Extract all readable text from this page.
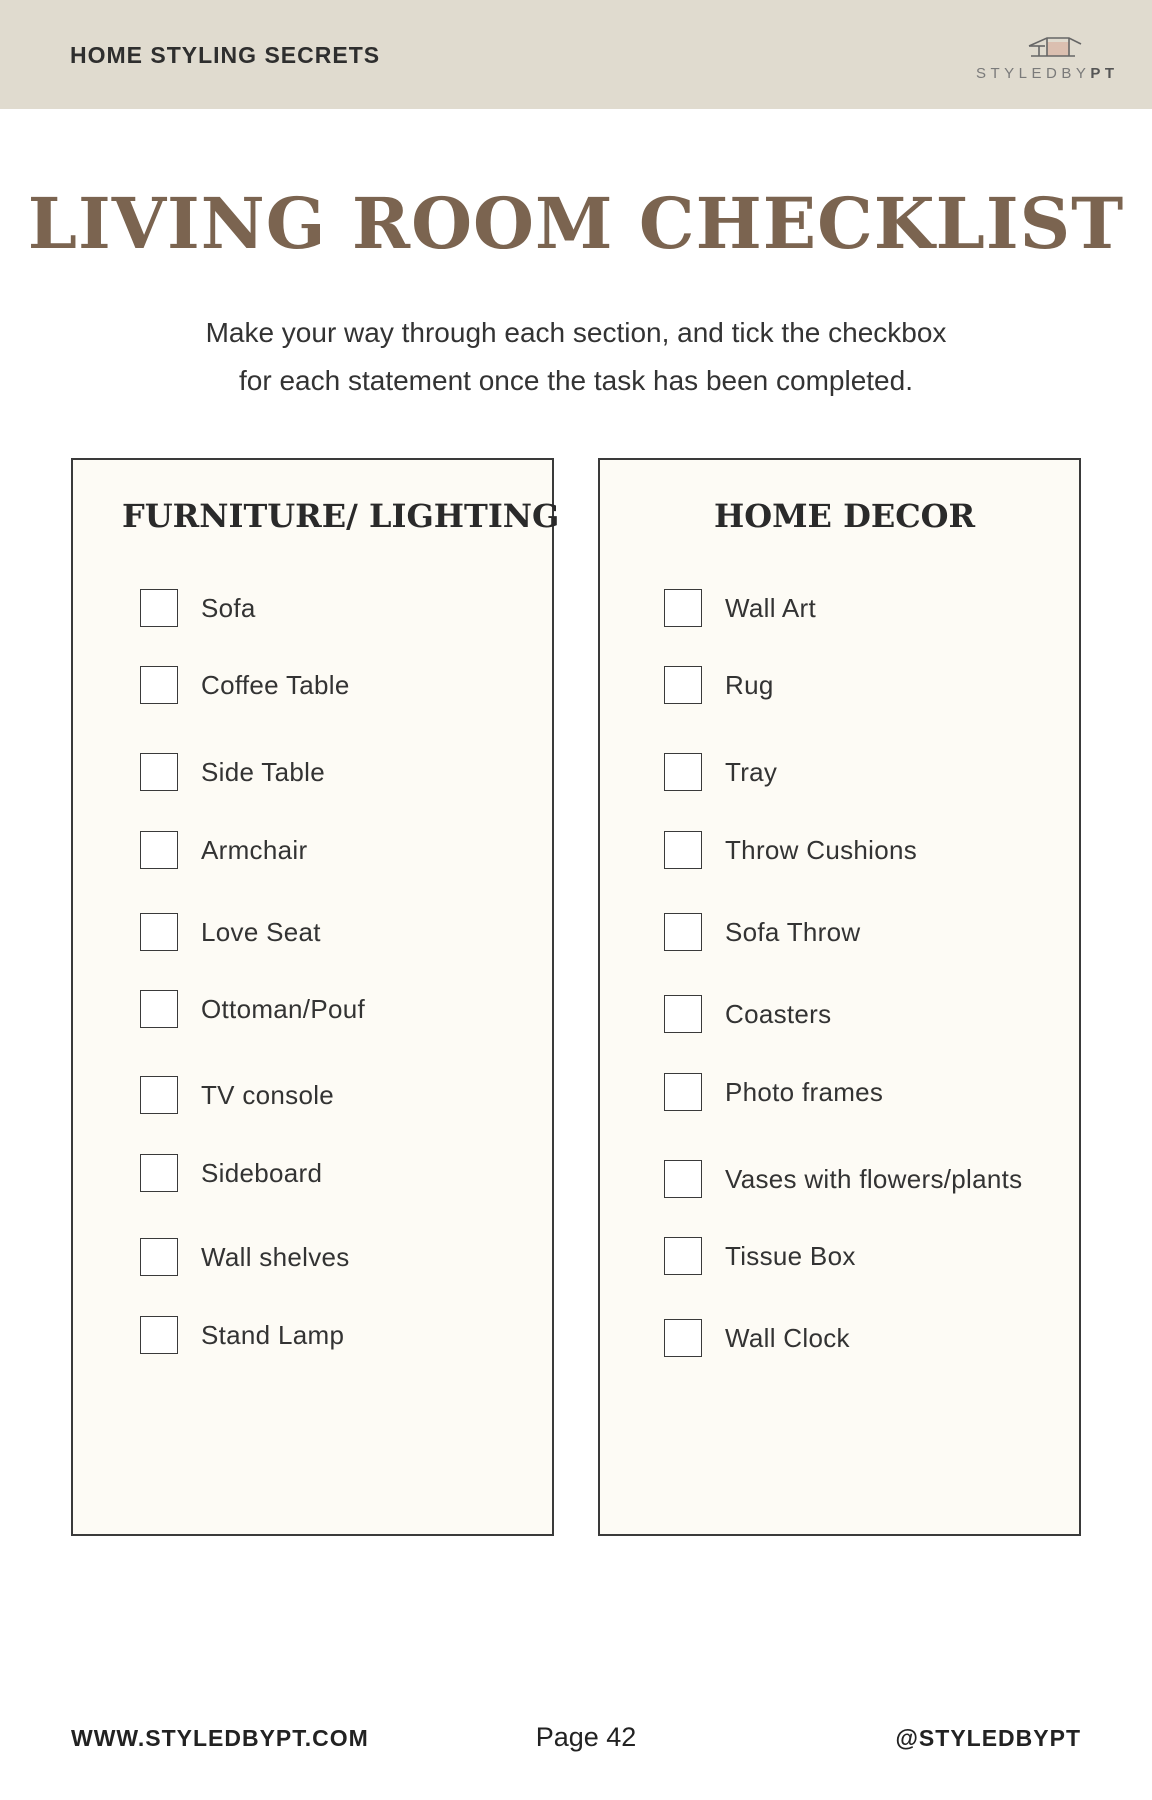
HOME STYLING SECRETS
STYLEDBYPT
LIVING ROOM CHECKLIST
Make your way through each section, and tick the checkbox
for each statement once the task has been completed.
FURNITURE/ LIGHTING
Sofa
Coffee Table
Side Table
Armchair
Love Seat
Ottoman/Pouf
TV console
Sideboard
Wall shelves
Stand Lamp
HOME DECOR
Wall Art
Rug
Tray
Throw Cushions
Sofa Throw
Coasters
Photo frames
Vases with flowers/plants
Tissue Box
Wall Clock
WWW.STYLEDBYPT.COM	Page 42	@STYLEDBYPT
